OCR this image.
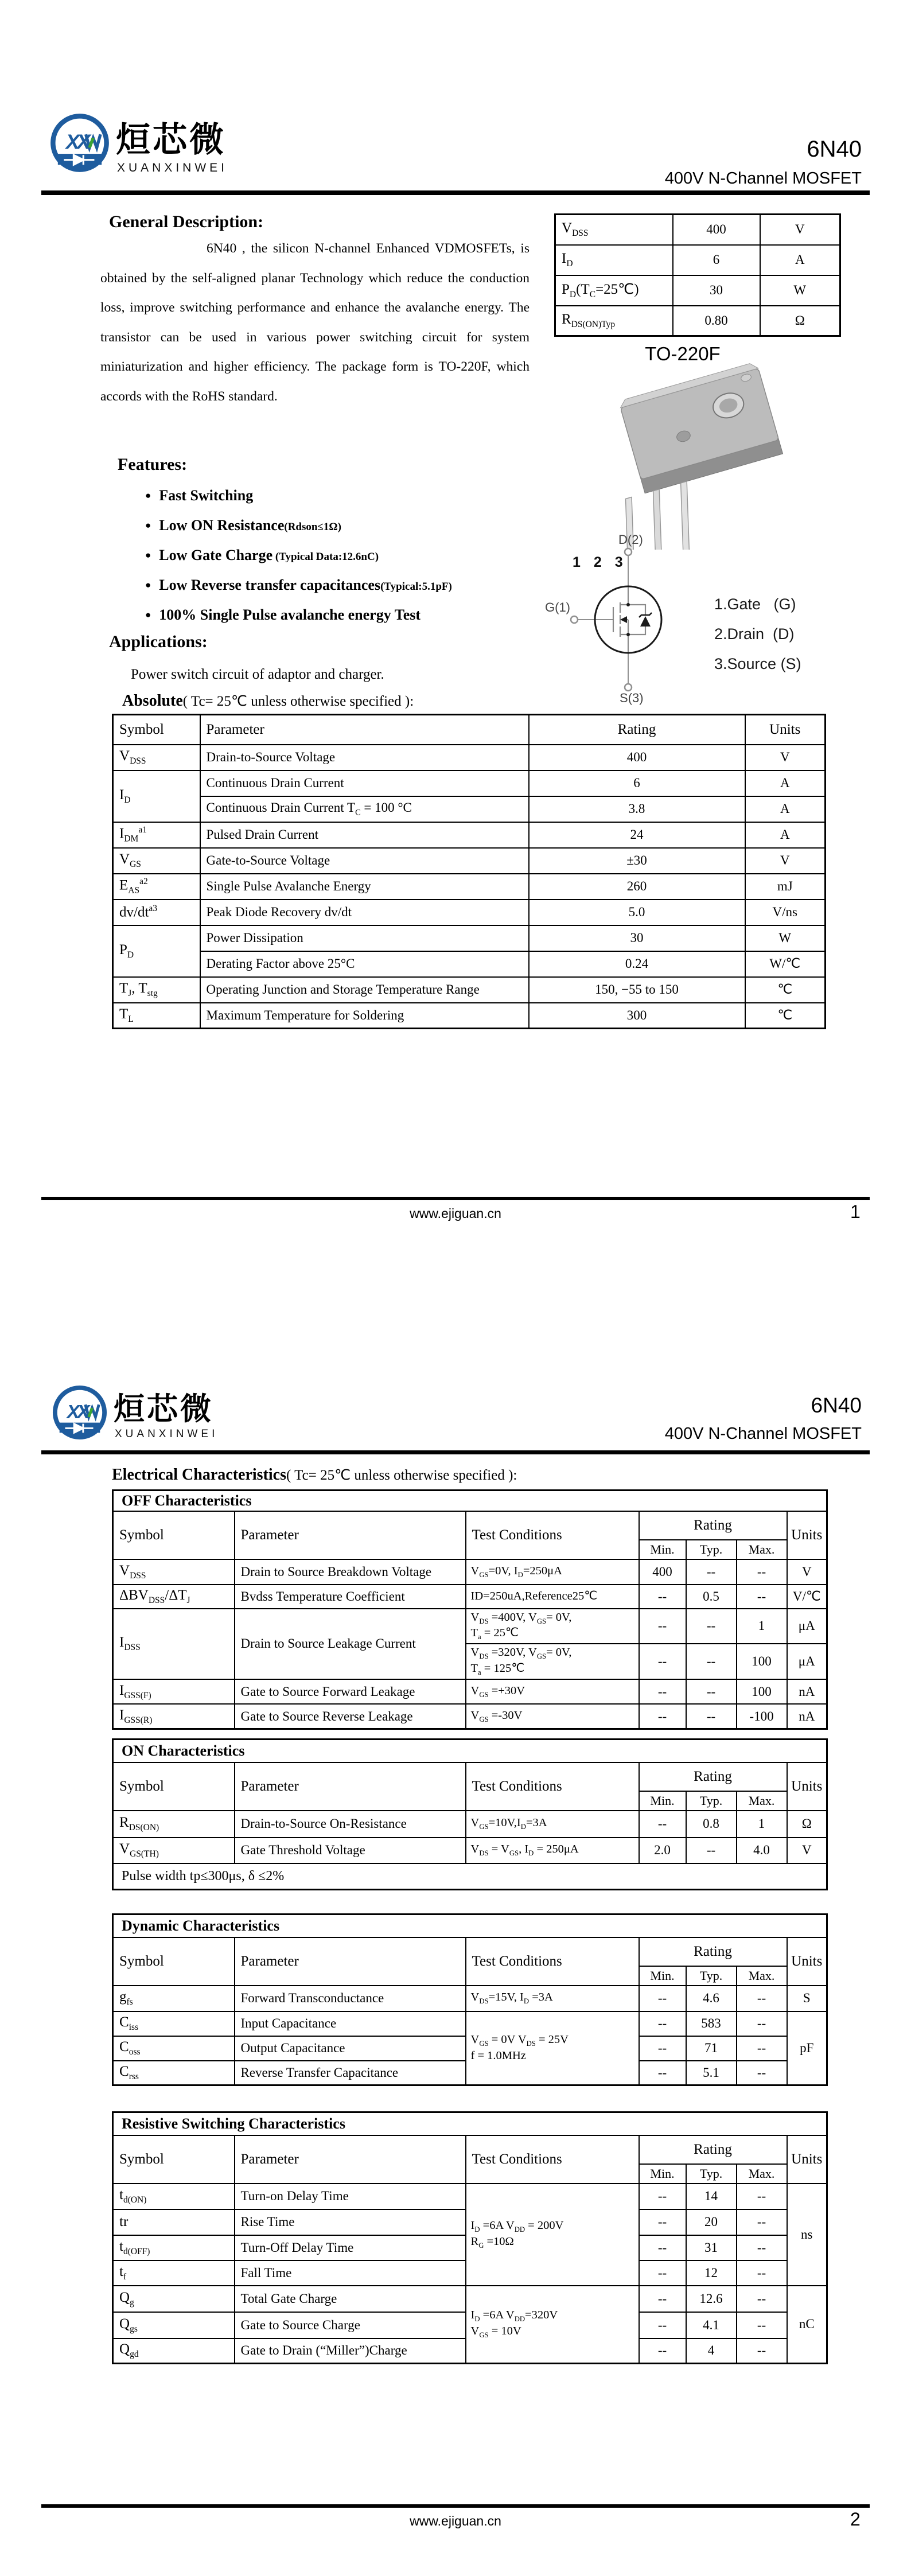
X
X 烜芯微
XUANXINWEI
6N40
400V N-Channel MOSFET
General Description:
6N40 , the silicon N-channel Enhanced VDMOSFETs, is obtained by the self-aligned planar Technology which reduce the conduction loss, improve switching performance and enhance the avalanche energy. The transistor can be used in various power switching circuit for system miniaturization and higher efficiency. The package form is TO-220F, which accords with the RoHS standard.
Features:
● Fast Switching
● Low ON Resistance(Rdson≤1Ω)
● Low Gate Charge (Typical Data:12.6nC)
● Low Reverse transfer capacitances(Typical:5.1pF)
● 100% Single Pulse avalanche energy Test
Applications:
Power switch circuit of adaptor and charger.
$V_{DSS}$	400	V
$I_D$	6	A
$P_D(T_C=25℃)$	30	W
$R_{DS(ON)Typ}$	0.80	Ω
TO-220F
1 2 3
D(2)
G(1)
S(3)
1.Gate   (G)
2.Drain  (D)
3.Source (S)
Absolute( Tc= 25℃ unless otherwise specified ):
Symbol	Parameter	Rating	Units
$V_{DSS}$	Drain-to-Source Voltage	400	V
$I_D$	Continuous Drain Current	6	A
	Continuous Drain Current $T_C = 100$ °C	3.8	A
$I_{DM}^{a1}$	Pulsed Drain Current	24	A
$V_{GS}$	Gate-to-Source Voltage	±30	V
$E_{AS}^{a2}$	Single Pulse Avalanche Energy	260	mJ
$dv/dt^{a3}$	Peak Diode Recovery dv/dt	5.0	V/ns
$P_D$	Power Dissipation	30	W
	Derating Factor above 25°C	0.24	W/℃
$T_J$, $T_{stg}$	Operating Junction and Storage Temperature Range	150, −55 to 150	℃
$T_L$	Maximum Temperature for Soldering	300	℃
www.ejiguan.cn	1
X
X 烜芯微
XUANXINWEI
6N40
400V N-Channel MOSFET
Electrical Characteristics( Tc= 25℃ unless otherwise specified ):
OFF Characteristics						
Symbol	Parameter	Test Conditions	Rating			Units
			Min.	Typ.	Max.	
$V_{DSS}$	Drain to Source Breakdown Voltage	$V_{GS}=0V$, $I_D=250\mu A$	400	--	--	V
$\Delta BV_{DSS}/\Delta T_J$	Bvdss Temperature Coefficient	ID=250uA,Reference25℃	--	0.5	--	V/℃
$I_{DSS}$	Drain to Source Leakage Current	$V_{DS} =400V$, $V_{GS}= 0V$,
$T_a$ = 25℃	--	--	1	μA
		$V_{DS} =320V$, $V_{GS}= 0V$,
$T_a$ = 125℃	--	--	100	μA
$I_{GSS(F)}$	Gate to Source Forward Leakage	$V_{GS} =+30V$	--	--	100	nA
$I_{GSS(R)}$	Gate to Source Reverse Leakage	$V_{GS} =-30V$	--	--	-100	nA
ON Characteristics						
Symbol	Parameter	Test Conditions	Rating			Units
			Min.	Typ.	Max.	
$R_{DS(ON)}$	Drain-to-Source On-Resistance	$V_{GS}=10V,I_D=3A$	--	0.8	1	Ω
$V_{GS(TH)}$	Gate Threshold Voltage	$V_{DS} = V_{GS}$, $I_D = 250\mu A$	2.0	--	4.0	V
Pulse width tp≤300μs, δ ≤2%						
Dynamic Characteristics						
Symbol	Parameter	Test Conditions	Rating			Units
			Min.	Typ.	Max.	
$g_{fs}$	Forward Transconductance	$V_{DS}=15V$, $I_D =3A$	--	4.6	--	S
$C_{iss}$	Input Capacitance	$V_{GS} = 0V$ $V_{DS} = 25V$
f = 1.0MHz	--	583	--	pF
$C_{oss}$	Output Capacitance		--	71	--	
$C_{rss}$	Reverse Transfer Capacitance		--	5.1	--	
Resistive Switching Characteristics						
Symbol	Parameter	Test Conditions	Rating			Units
			Min.	Typ.	Max.	
$t_{d(ON)}$	Turn-on Delay Time	$I_D =6A$ $V_{DD} = 200V$
$R_G =10\Omega$	--	14	--	ns
tr	Rise Time		--	20	--	
$t_{d(OFF)}$	Turn-Off Delay Time		--	31	--	
$t_f$	Fall Time		--	12	--	
$Q_g$	Total Gate Charge	$I_D =6A$ $V_{DD}=320V$
$V_{GS} = 10V$	--	12.6	--	nC
$Q_{gs}$	Gate to Source Charge		--	4.1	--	
$Q_{gd}$	Gate to Drain (“Miller”)Charge		--	4	--	
www.ejiguan.cn	2
